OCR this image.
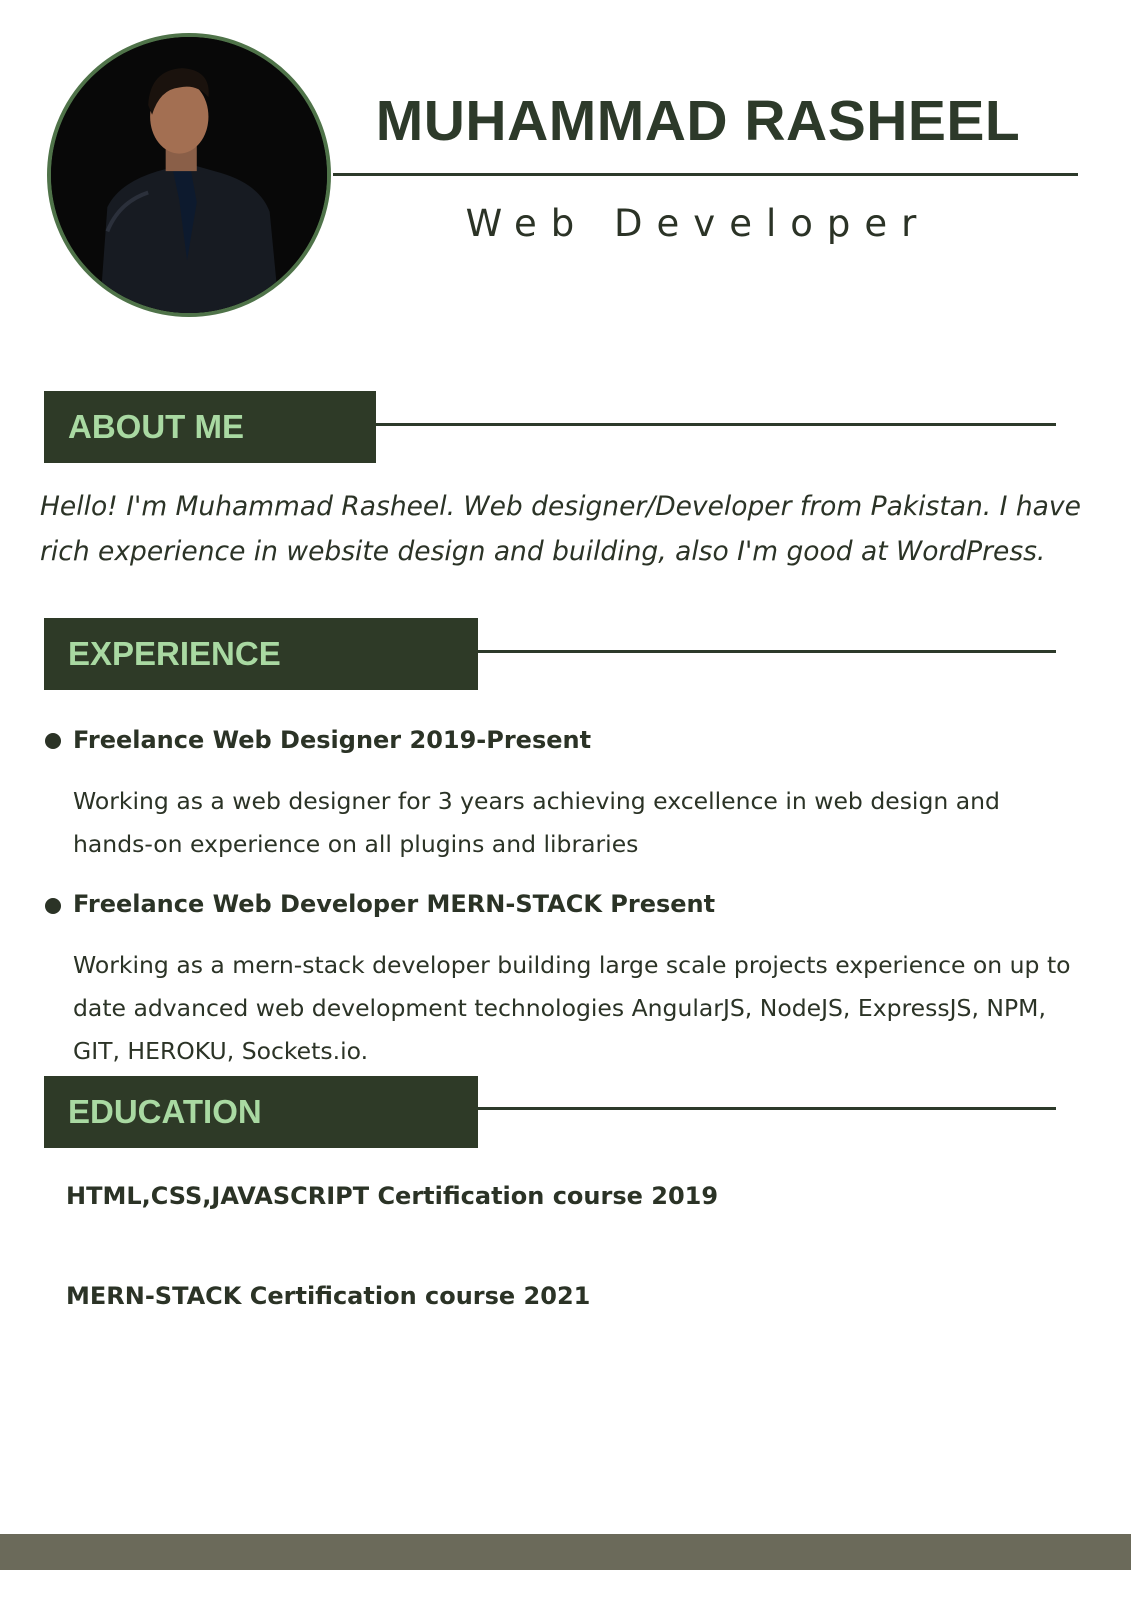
MUHAMMAD RASHEEL
Web Developer
ABOUT ME
Hello! I'm Muhammad Rasheel. Web designer/Developer from Pakistan. I have rich experience in website design and building, also I'm good at WordPress.
EXPERIENCE
Freelance Web Designer 2019-Present
Working as a web designer for 3 years achieving excellence in web design and hands-on experience on all plugins and libraries
Freelance Web Developer MERN-STACK Present
Working as a mern-stack developer building large scale projects experience on up to date advanced web development technologies AngularJS, NodeJS, ExpressJS, NPM, GIT, HEROKU, Sockets.io.
EDUCATION
HTML,CSS,JAVASCRIPT Certification course 2019
MERN-STACK Certification course 2021
